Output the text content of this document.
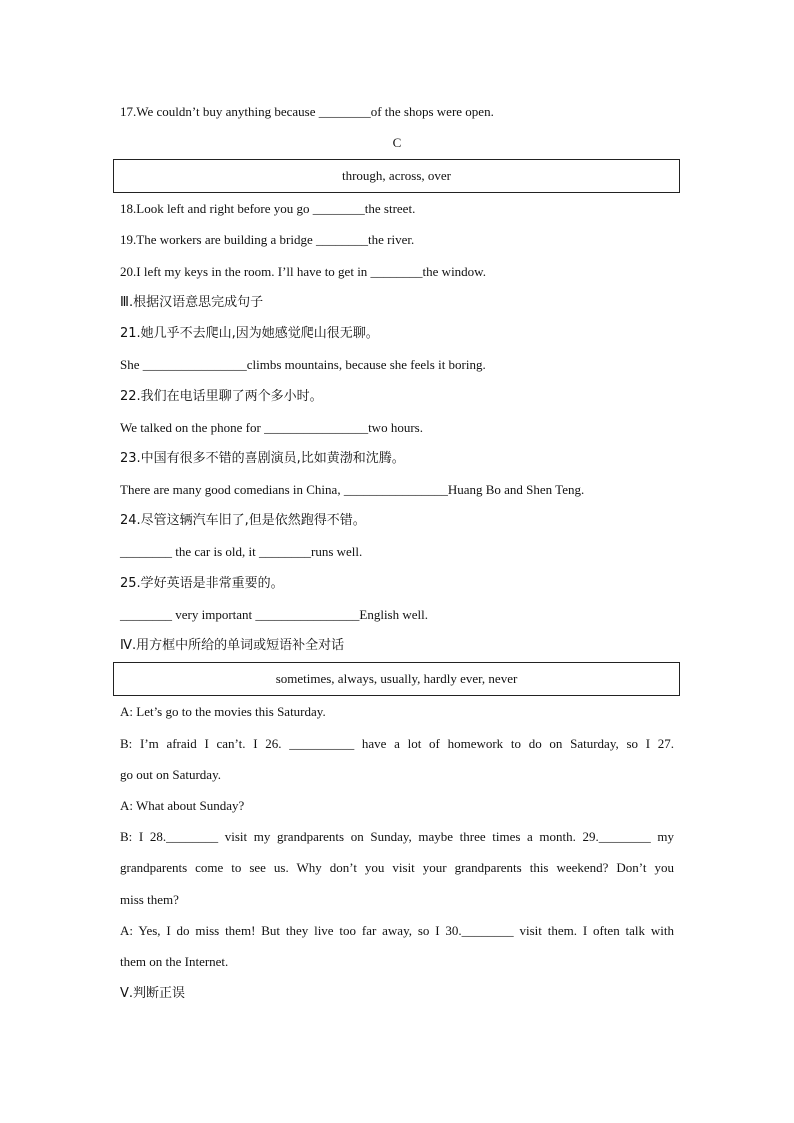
17.We couldn’t buy anything because ________of the shops were open.
C
through, across, over
18.Look left and right before you go ________the street.
19.The workers are building a bridge ________the river.
20.I left my keys in the room. I’ll have to get in ________the window.
Ⅲ.根据汉语意思完成句子
21.她几乎不去爬山,因为她感觉爬山很无聊。
She ________________climbs mountains, because she feels it boring.
22.我们在电话里聊了两个多小时。
We talked on the phone for ________________two hours.
23.中国有很多不错的喜剧演员,比如黄渤和沈腾。
There are many good comedians in China, ________________Huang Bo and Shen Teng.
24.尽管这辆汽车旧了,但是依然跑得不错。
________ the car is old, it ________runs well.
25.学好英语是非常重要的。
________ very important ________________English well.
Ⅳ.用方框中所给的单词或短语补全对话
sometimes, always, usually, hardly ever, never
A: Let’s go to the movies this Saturday.
B: I’m afraid I can’t. I 26. __________ have a lot of homework to do on Saturday, so I 27.
go out on Saturday.
A: What about Sunday?
B: I 28.________ visit my grandparents on Sunday, maybe three times a month. 29.________ my
grandparents come to see us. Why don’t you visit your grandparents this weekend? Don’t you
miss them?
A: Yes, I do miss them! But they live too far away, so I 30.________ visit them. I often talk with
them on the Internet.
Ⅴ.判断正误
